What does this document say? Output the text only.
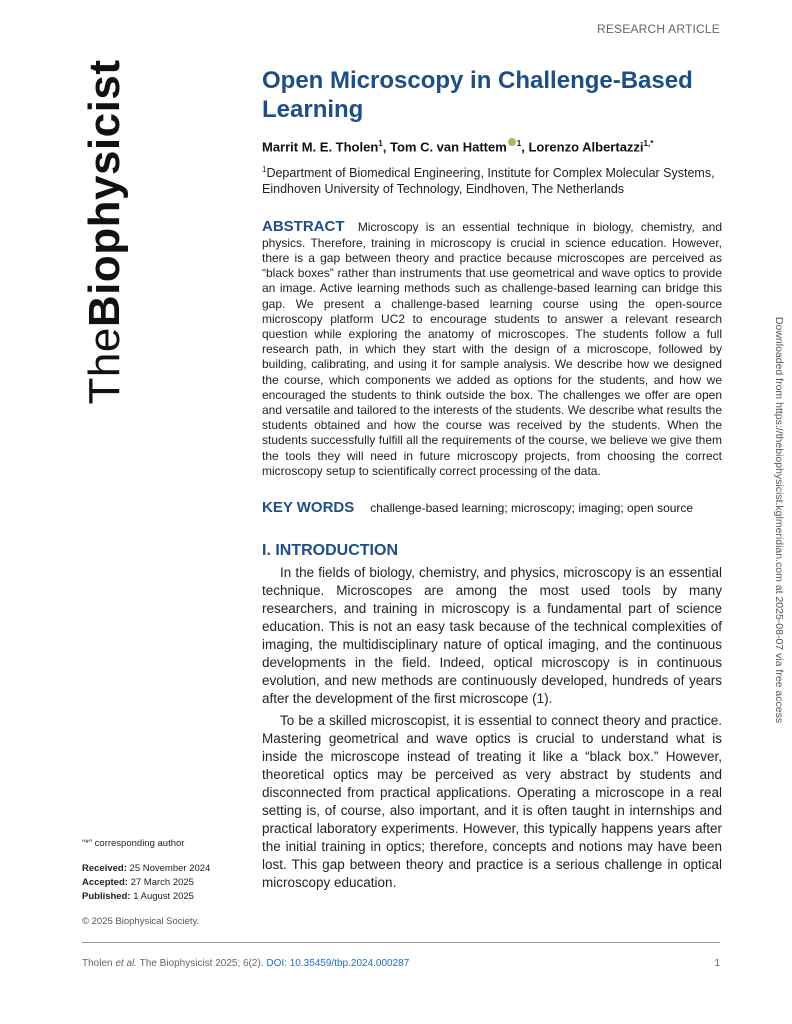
RESEARCH ARTICLE
TheBiophysicist
Downloaded from https://thebiophysicist.kglmeridian.com at 2025-08-07 via free access
Open Microscopy in Challenge-Based Learning
Marrit M. E. Tholen$^1$, Tom C. van Hattem $^1$, Lorenzo Albertazzi$^{1,*}$
$^1$Department of Biomedical Engineering, Institute for Complex Molecular Systems, Eindhoven University of Technology, Eindhoven, The Netherlands
ABSTRACT Microscopy is an essential technique in biology, chemistry, and physics. Therefore, training in microscopy is crucial in science education. However, there is a gap between theory and practice because microscopes are perceived as “black boxes” rather than instruments that use geometrical and wave optics to provide an image. Active learning methods such as challenge-based learning can bridge this gap. We present a challenge-based learning course using the open-source microscopy platform UC2 to encourage students to answer a relevant research question while exploring the anatomy of microscopes. The students follow a full research path, in which they start with the design of a microscope, followed by building, calibrating, and using it for sample analysis. We describe how we designed the course, which components we added as options for the students, and how we encouraged the students to think outside the box. The challenges we offer are open and versatile and tailored to the interests of the students. We describe what results the students obtained and how the course was received by the students. When the students successfully fulfill all the requirements of the course, we believe we give them the tools they will need in future microscopy projects, from choosing the correct microscopy setup to scientifically correct processing of the data.
KEY WORDS challenge-based learning; microscopy; imaging; open source
I. INTRODUCTION

In the fields of biology, chemistry, and physics, microscopy is an essential technique. Microscopes are among the most used tools by many researchers, and training in microscopy is a fundamental part of science education. This is not an easy task because of the technical complexities of imaging, the multidisciplinary nature of optical imaging, and the continuous developments in the field. Indeed, optical microscopy is in continuous evolution, and new methods are continuously developed, hundreds of years after the development of the first microscope (1).

To be a skilled microscopist, it is essential to connect theory and practice. Mastering geometrical and wave optics is crucial to understand what is inside the microscope instead of treating it like a “black box.” However, theoretical optics may be perceived as very abstract by students and disconnected from practical applications. Operating a microscope in a real setting is, of course, also important, and it is often taught in internships and practical laboratory experiments. However, this typically happens years after the initial training in optics; therefore, concepts and notions may have been lost. This gap between theory and practice is a serious challenge in optical microscopy education.

“*” corresponding author
Received: 25 November 2024
Accepted: 27 March 2025
Published: 1 August 2025
© 2025 Biophysical Society.
Tholen et al. The Biophysicist 2025; 6(2). DOI: 10.35459/tbp.2024.000287	1
